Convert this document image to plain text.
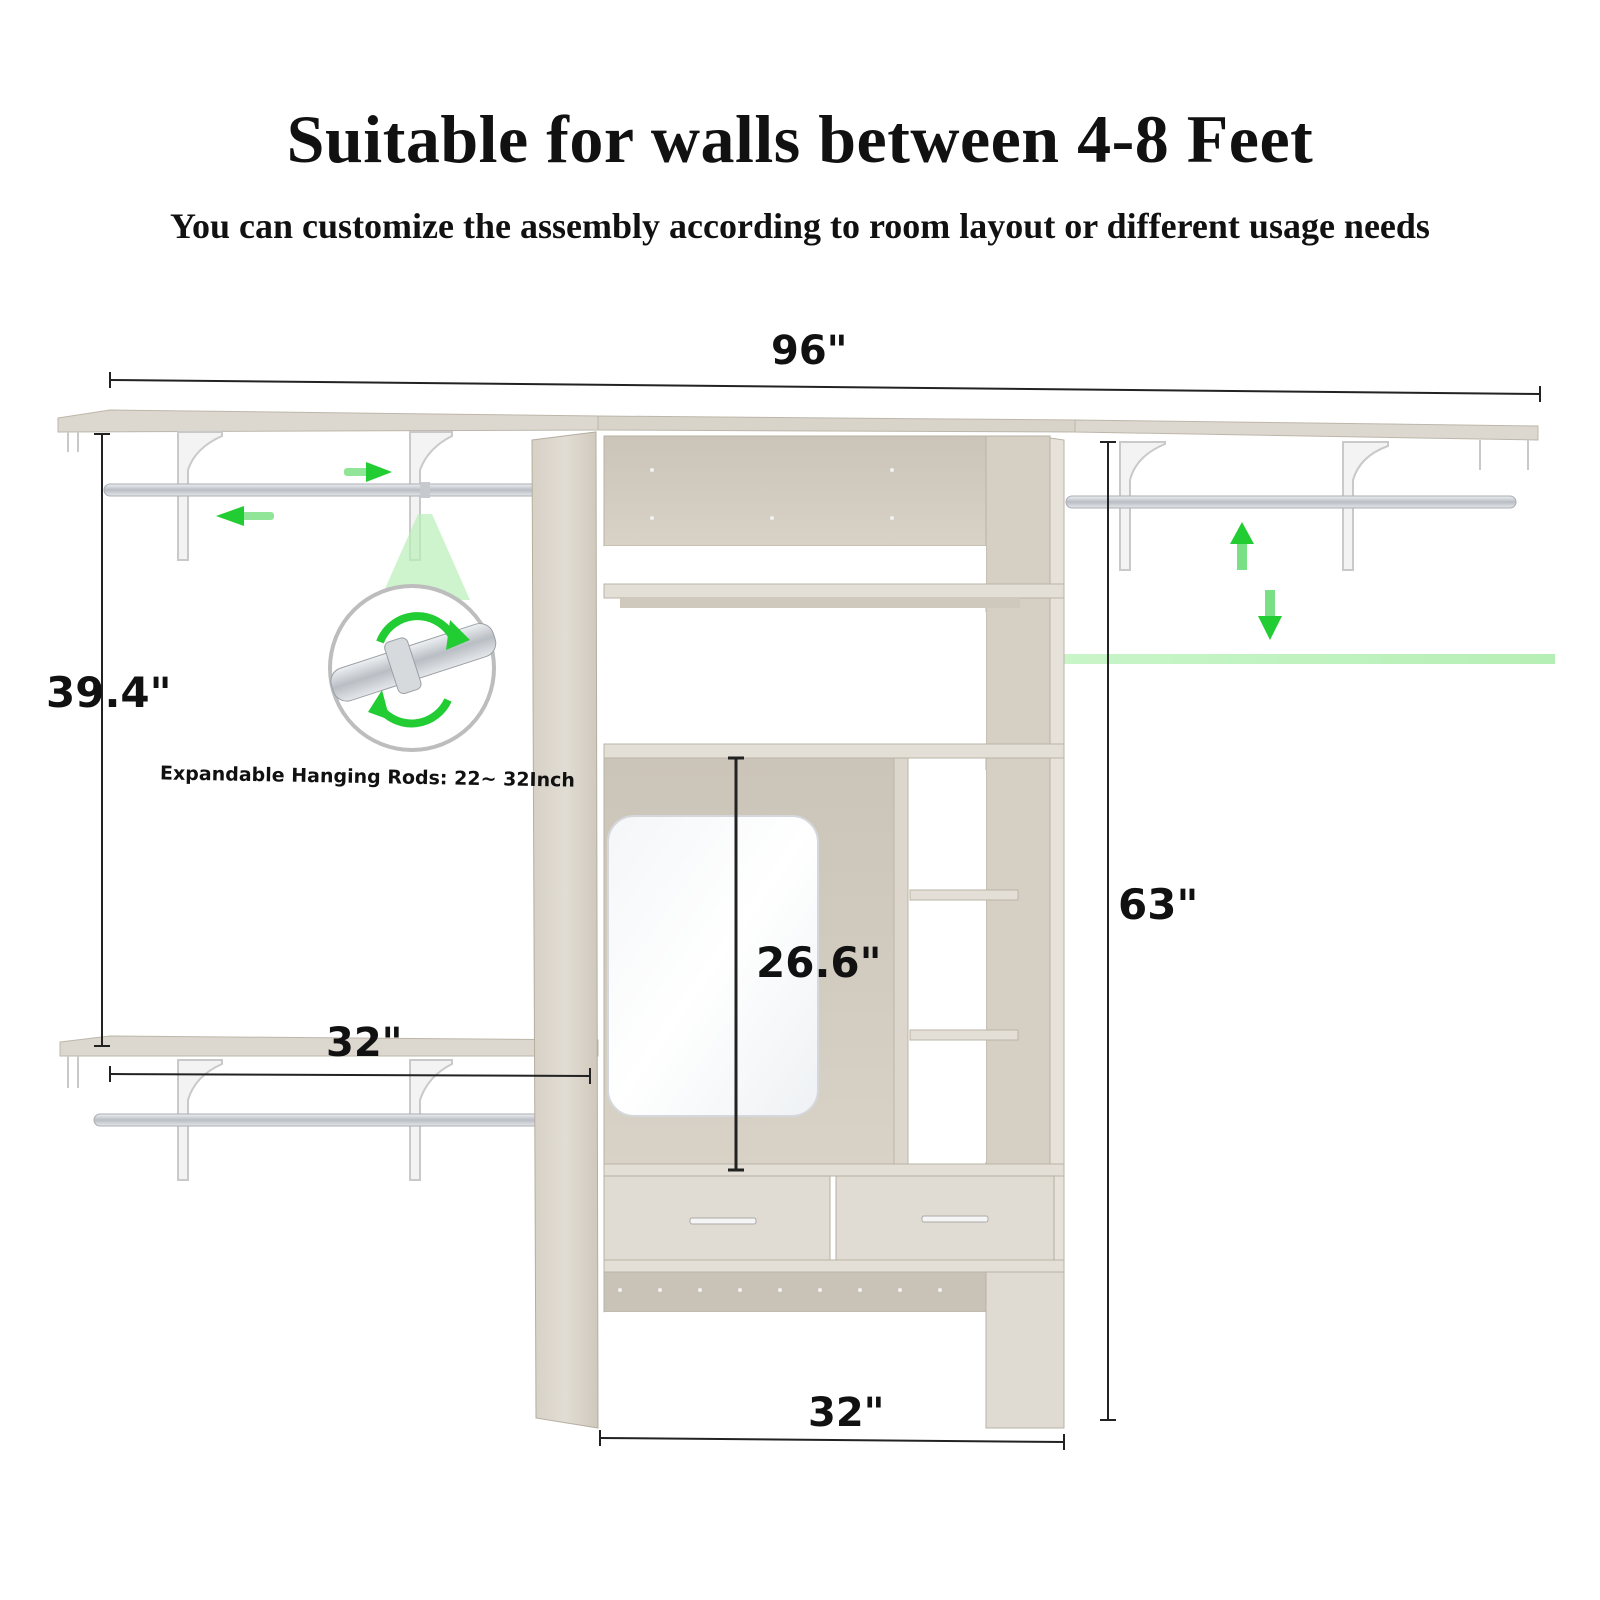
Suitable for walls between 4-8 Feet
You can customize the assembly according to room layout or different usage needs
Expandable Hanging Rods: 22~ 32Inch
96"
39.4"
63"
26.6"
32"
32"
